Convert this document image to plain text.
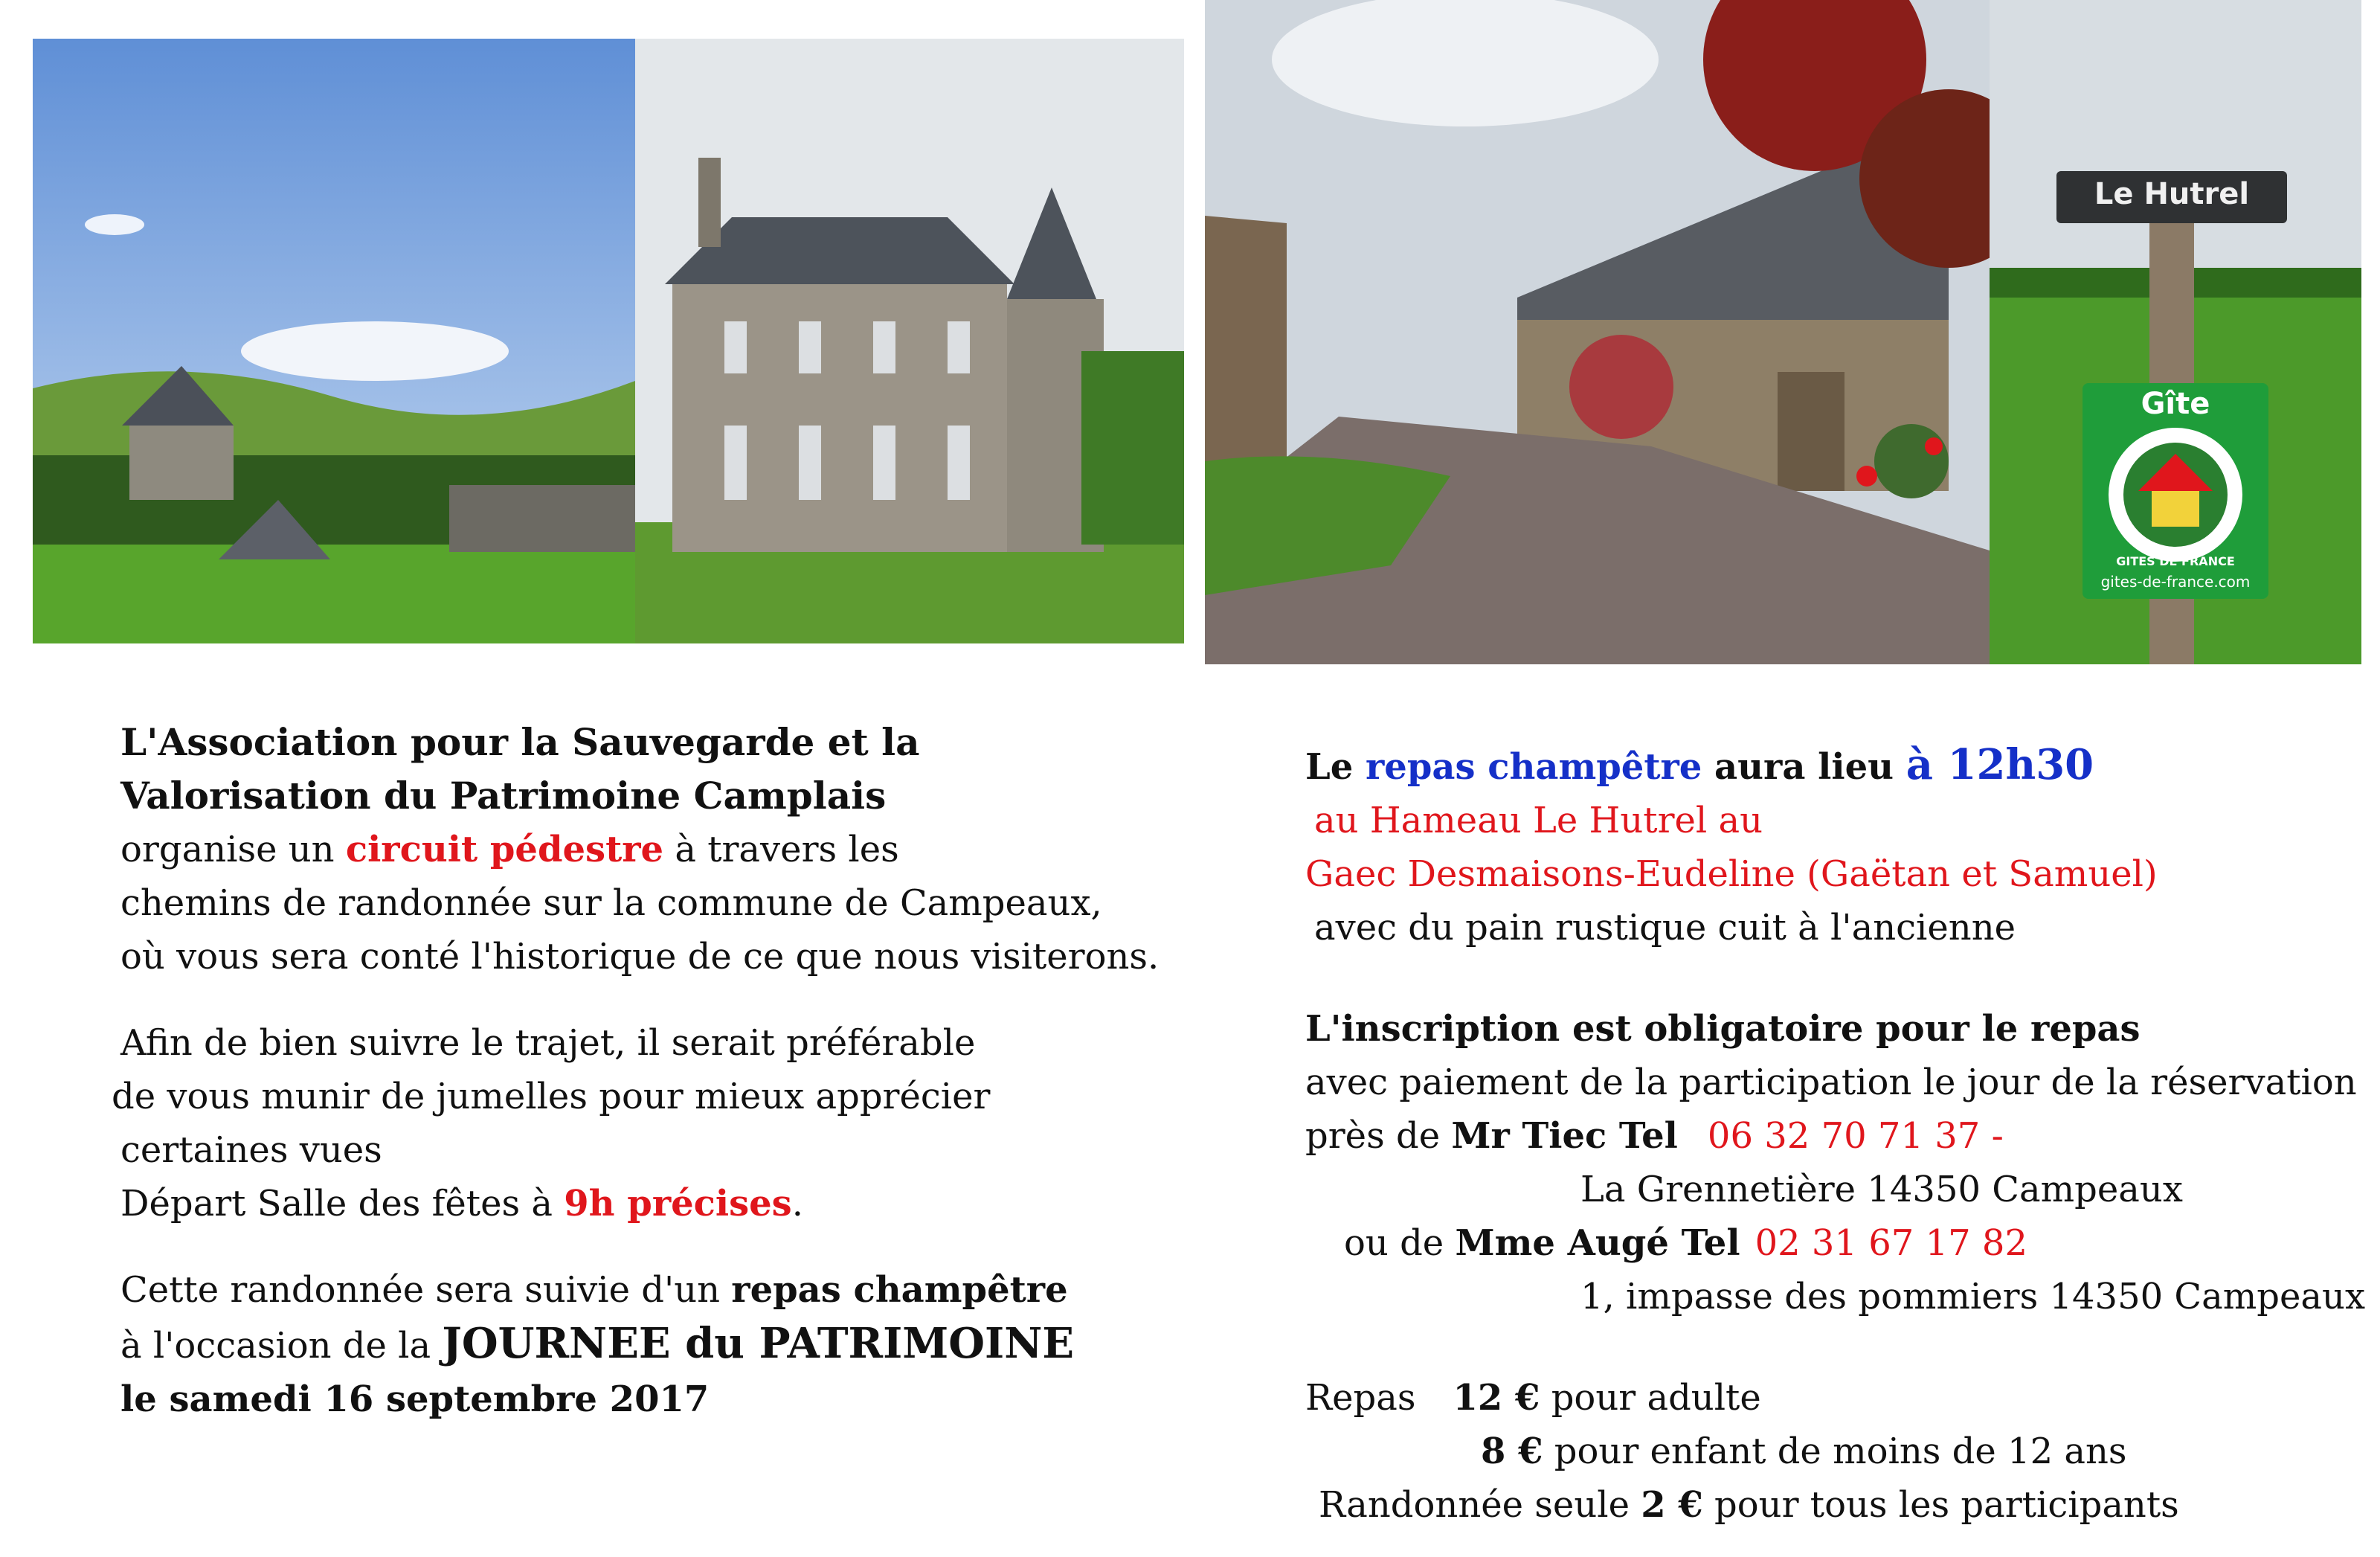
Le Hutrel
Gîte
GITES DE FRANCE
gites-de-france.com
L'Association pour la Sauvegarde et la
Valorisation du Patrimoine Camplais
organise un circuit pédestre à travers les
chemins de randonnée sur la commune de Campeaux,
où vous sera conté l'historique de ce que nous visiterons.
Afin de bien suivre le trajet, il serait préférable
de vous munir de jumelles pour mieux apprécier
certaines vues
Départ Salle des fêtes à 9h précises.
Cette randonnée sera suivie d'un repas champêtre
à l'occasion de la JOURNEE du PATRIMOINE
le samedi 16 septembre 2017
Le repas champêtre aura lieu à 12h30
au Hameau Le Hutrel au
Gaec Desmaisons-Eudeline (Gaëtan et Samuel)
avec du pain rustique cuit à l'ancienne
L'inscription est obligatoire pour le repas
avec paiement de la participation le jour de la réservation
près de Mr Tiec Tel 06 32 70 71 37 -
La Grennetière 14350 Campeaux
ou de Mme Augé Tel 02 31 67 17 82
1, impasse des pommiers 14350 Campeaux
Repas 12 € pour adulte
8 € pour enfant de moins de 12 ans
Randonnée seule 2 € pour tous les participants
